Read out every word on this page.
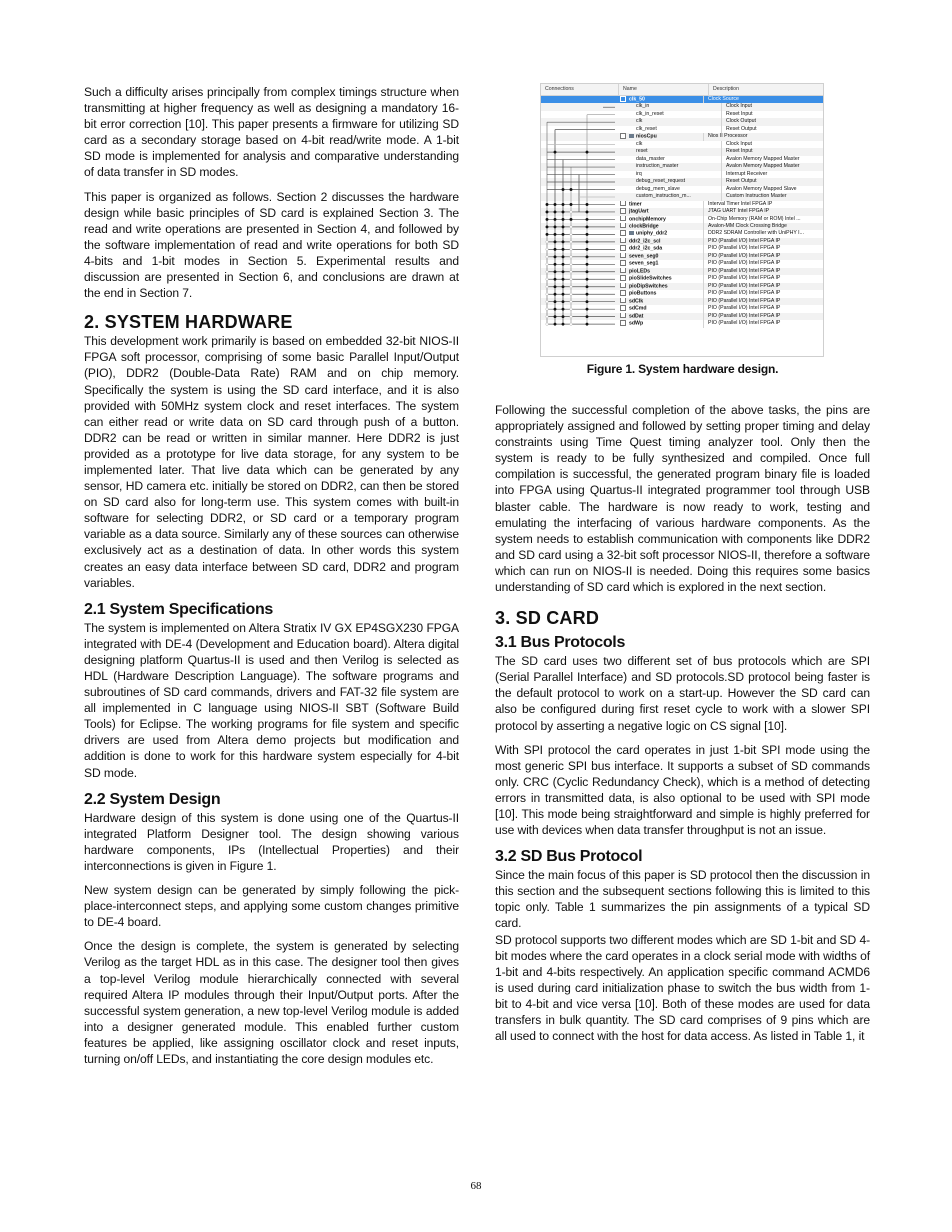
Such a difficulty arises principally from complex timings structure when transmitting at higher frequency as well as designing a mandatory 16-bit error correction [10]. This paper presents a firmware for utilizing SD card as a secondary storage based on 4-bit read/write mode. A 1-bit SD mode is implemented for analysis and comparative understanding of data transfer in SD modes.

This paper is organized as follows. Section 2 discusses the hardware design while basic principles of SD card is explained Section 3. The read and write operations are presented in Section 4, and followed by the software implementation of read and write operations for both SD 4-bits and 1-bit modes in Section 5. Experimental results and discussion are presented in Section 6, and conclusions are drawn at the end in Section 7.

2. SYSTEM HARDWARE

This development work primarily is based on embedded 32-bit NIOS-II FPGA soft processor, comprising of some basic Parallel Input/Output (PIO), DDR2 (Double-Data Rate) RAM and on chip memory. Specifically the system is using the SD card interface, and it is also provided with 50MHz system clock and reset interfaces. The system can either read or write data on SD card through push of a button. DDR2 can be read or written in similar manner. Here DDR2 is just provided as a prototype for live data storage, for any system to be implemented later. That live data which can be generated by any sensor, HD camera etc. initially be stored on DDR2, can then be stored on SD card also for long-term use. This system comes with built-in software for selecting DDR2, or SD card or a temporary program variable as a data source. Similarly any of these sources can otherwise exclusively act as a destination of data. In other words this system creates an easy data interface between SD card, DDR2 and program variables.

2.1 System Specifications

The system is implemented on Altera Stratix IV GX EP4SGX230 FPGA integrated with DE-4 (Development and Education board). Altera digital designing platform Quartus-II is used and then Verilog is selected as HDL (Hardware Description Language). The software programs and subroutines of SD card commands, drivers and FAT-32 file system are all implemented in C language using NIOS-II SBT (Software Build Tools) for Eclipse. The working programs for file system and specific drivers are used from Altera demo projects but modification and addition is done to work for this hardware system especially for 4-bit SD mode.

2.2 System Design

Hardware design of this system is done using one of the Quartus-II integrated Platform Designer tool. The design showing various hardware components, IPs (Intellectual Properties) and their interconnections is given in Figure 1.

New system design can be generated by simply following the pick-place-interconnect steps, and applying some custom changes primitive to DE-4 board.

Once the design is complete, the system is generated by selecting Verilog as the target HDL as in this case. The designer tool then gives a top-level Verilog module hierarchically connected with several required Altera IP modules through their Input/Output ports. After the successful system generation, a new top-level Verilog module is added into a designer generated module. This enabled further custom features be applied, like assigning oscillator clock and reset inputs, turning on/off LEDs, and instantiating the core design modules etc.

Connections	Name	Description
clk_50	Clock Source
clk_in	Clock Input
clk_in_reset	Reset Input
clk	Clock Output
clk_reset	Reset Output
niosCpu	Nios II Processor
clk	Clock Input
reset	Reset Input
data_master	Avalon Memory Mapped Master
instruction_master	Avalon Memory Mapped Master
irq	Interrupt Receiver
debug_reset_request	Reset Output
debug_mem_slave	Avalon Memory Mapped Slave
custom_instruction_m...	Custom Instruction Master
timer	Interval Timer Intel FPGA IP
jtagUart	JTAG UART Intel FPGA IP
onchipMemory	On-Chip Memory (RAM or ROM) Intel ...
clockBridge	Avalon-MM Clock Crossing Bridge
uniphy_ddr2	DDR2 SDRAM Controller with UniPHY I...
ddr2_i2c_scl	PIO (Parallel I/O) Intel FPGA IP
ddr2_i2c_sda	PIO (Parallel I/O) Intel FPGA IP
seven_seg0	PIO (Parallel I/O) Intel FPGA IP
seven_seg1	PIO (Parallel I/O) Intel FPGA IP
pioLEDs	PIO (Parallel I/O) Intel FPGA IP
pioSlideSwitches	PIO (Parallel I/O) Intel FPGA IP
pioDipSwitches	PIO (Parallel I/O) Intel FPGA IP
pioButtons	PIO (Parallel I/O) Intel FPGA IP
sdClk	PIO (Parallel I/O) Intel FPGA IP
sdCmd	PIO (Parallel I/O) Intel FPGA IP
sdDat	PIO (Parallel I/O) Intel FPGA IP
sdWp	PIO (Parallel I/O) Intel FPGA IP

Figure 1. System hardware design.

Following the successful completion of the above tasks, the pins are appropriately assigned and followed by setting proper timing and delay constraints using Time Quest timing analyzer tool. Only then the system is ready to be fully synthesized and compiled. Once full compilation is successful, the generated program binary file is loaded into FPGA using Quartus-II integrated programmer tool through USB blaster cable. The hardware is now ready to work, testing and emulating the interfacing of various hardware components. As the system needs to establish communication with components like DDR2 and SD card using a 32-bit soft processor NIOS-II, therefore a software which can run on NIOS-II is needed. Doing this requires some basics understanding of SD card which is explored in the next section.

3. SD CARD
3.1 Bus Protocols

The SD card uses two different set of bus protocols which are SPI (Serial Parallel Interface) and SD protocols.SD protocol being faster is the default protocol to work on a start-up. However the SD card can also be configured during first reset cycle to work with a slower SPI protocol by asserting a negative logic on CS signal [10].

With SPI protocol the card operates in just 1-bit SPI mode using the most generic SPI bus interface. It supports a subset of SD commands only. CRC (Cyclic Redundancy Check), which is a method of detecting errors in transmitted data, is also optional to be used with SPI mode [10]. This mode being straightforward and simple is highly preferred for use with devices when data transfer throughput is not an issue.

3.2 SD Bus Protocol

Since the main focus of this paper is SD protocol then the discussion in this section and the subsequent sections following this is limited to this topic only. Table 1 summarizes the pin assignments of a typical SD card.

SD protocol supports two different modes which are SD 1-bit and SD 4-bit modes where the card operates in a clock serial mode with widths of 1-bit and 4-bits respectively. An application specific command ACMD6 is used during card initialization phase to switch the bus width from 1-bit to 4-bit and vice versa [10]. Both of these modes are used for data transfers in bulk quantity. The SD card comprises of 9 pins which are all used to connect with the host for data access. As listed in Table 1, it

68
